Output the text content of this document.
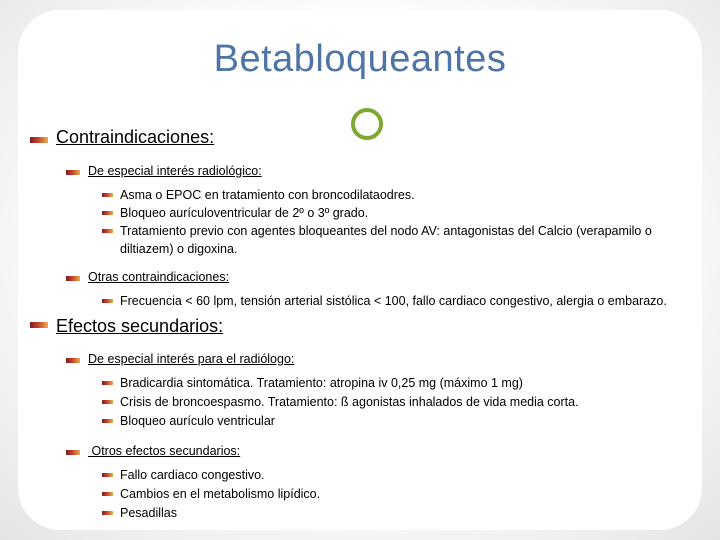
Betabloqueantes
Contraindicaciones:
De especial interés radiológico:
Asma o EPOC en tratamiento con broncodilataodres.
Bloqueo aurículoventricular de 2º o 3º grado.
Tratamiento previo con agentes bloqueantes del nodo AV: antagonistas del Calcio (verapamilo o
diltiazem) o digoxina.
Otras contraindicaciones:
Frecuencia < 60 lpm, tensión arterial sistólica < 100, fallo cardiaco congestivo, alergia o embarazo.
Efectos secundarios:
De especial interés para el radiólogo:
Bradicardia sintomática. Tratamiento: atropina iv 0,25 mg (máximo 1 mg)
Crisis de broncoespasmo. Tratamiento: ß agonistas inhalados de vida media corta.
Bloqueo aurículo ventricular
Otros efectos secundarios:
Fallo cardiaco congestivo.
Cambios en el metabolismo lipídico.
Pesadillas
